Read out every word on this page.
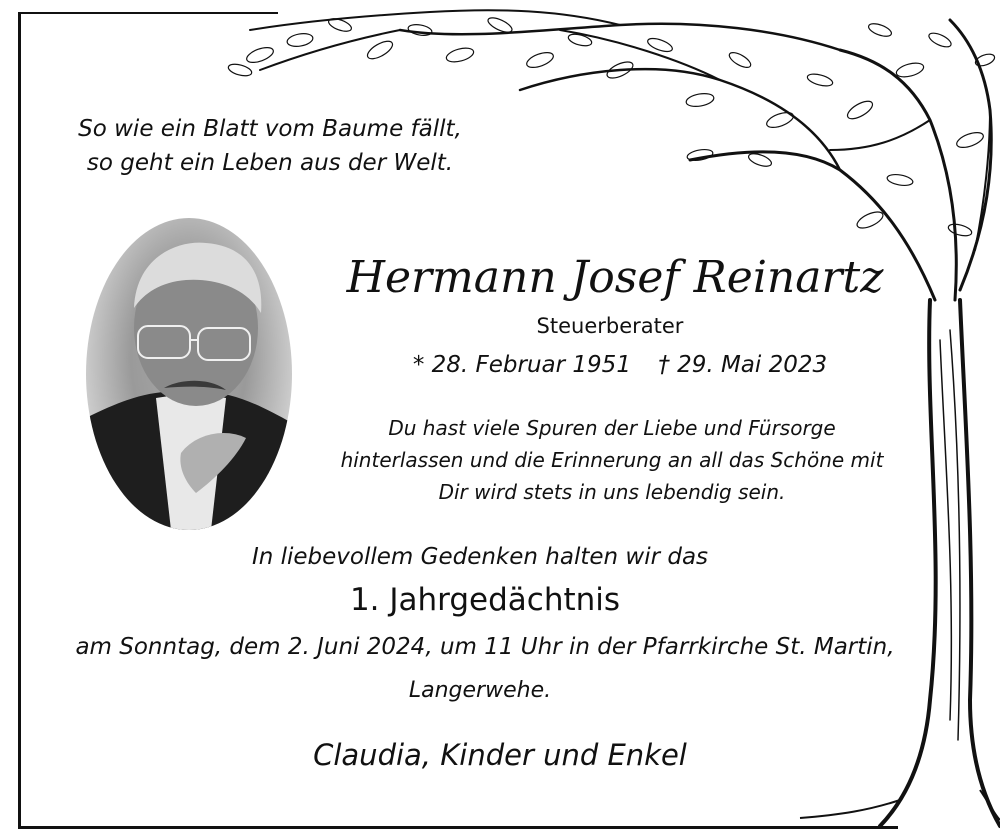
So wie ein Blatt vom Baume fällt,
so geht ein Leben aus der Welt.
Hermann Josef Reinartz
Steuerberater
* 28. Februar 1951 † 29. Mai 2023
Du hast viele Spuren der Liebe und Fürsorge
hinterlassen und die Erinnerung an all das Schöne mit
Dir wird stets in uns lebendig sein.
In liebevollem Gedenken halten wir das
1. Jahrgedächtnis
am Sonntag, dem 2. Juni 2024, um 11 Uhr in der Pfarrkirche St. Martin,
Langerwehe.
Claudia, Kinder und Enkel
